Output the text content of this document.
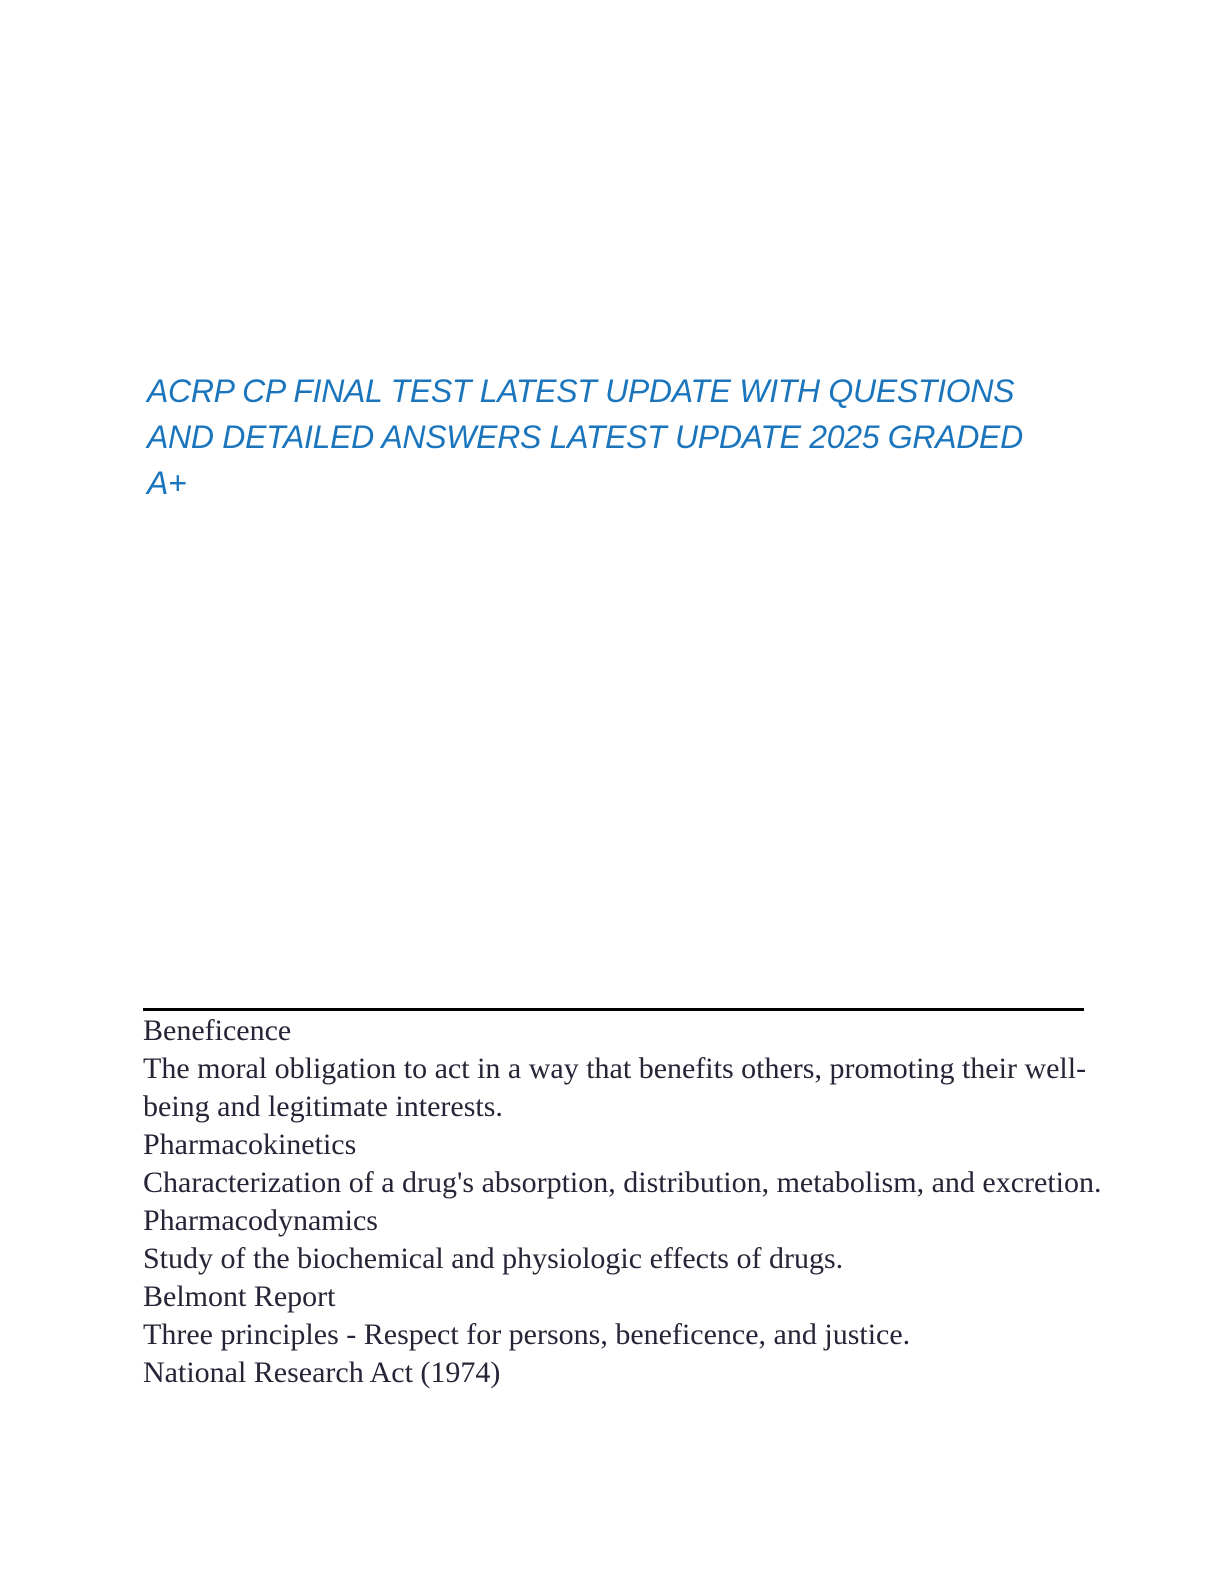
ACRP CP FINAL TEST LATEST UPDATE WITH QUESTIONS
AND DETAILED ANSWERS LATEST UPDATE 2025 GRADED
A+
Beneficence
The moral obligation to act in a way that benefits others, promoting their well-being and legitimate interests.
Pharmacokinetics
Characterization of a drug's absorption, distribution, metabolism, and excretion.
Pharmacodynamics
Study of the biochemical and physiologic effects of drugs.
Belmont Report
Three principles - Respect for persons, beneficence, and justice.
National Research Act (1974)
